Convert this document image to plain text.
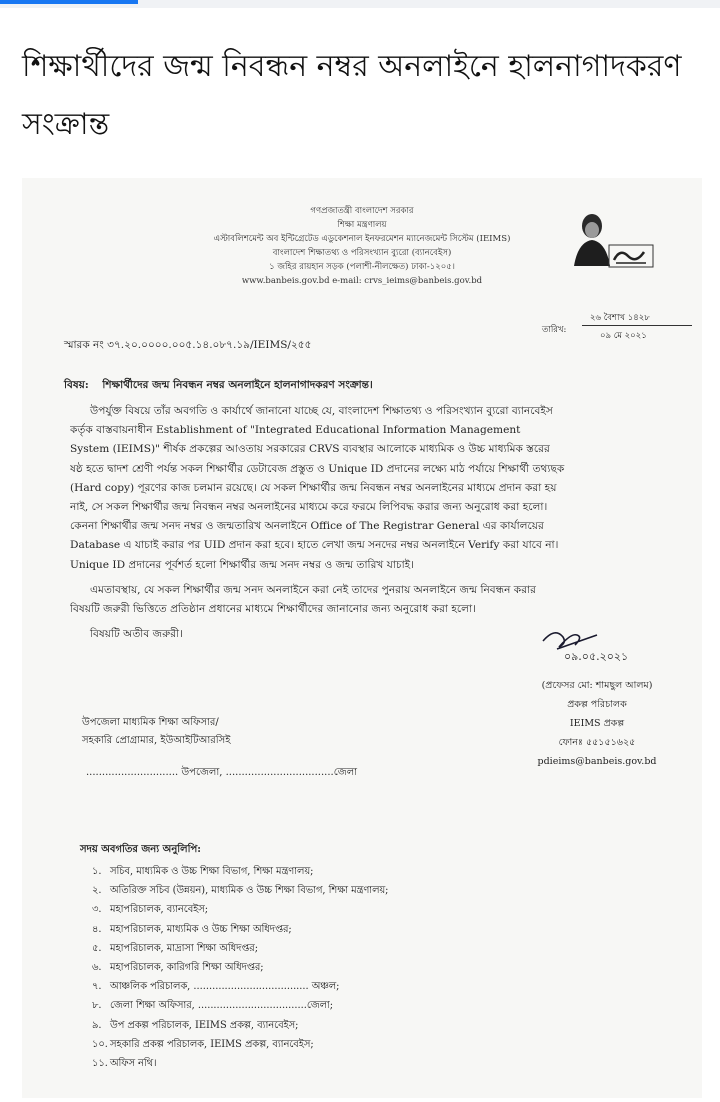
শিক্ষার্থীদের জন্ম নিবন্ধন নম্বর অনলাইনে হালনাগাদকরণ সংক্রান্ত
গণপ্রজাতন্ত্রী বাংলাদেশ সরকার
শিক্ষা মন্ত্রণালয়
এস্টাবলিশমেন্ট অব ইন্টিগ্রেটেড এডুকেশনাল ইনফরমেশন ম্যানেজমেন্ট সিস্টেম (IEIMS)
বাংলাদেশ শিক্ষাতথ্য ও পরিসংখ্যান ব্যুরো (ব্যানবেইস)
১ জহির রায়হান সড়ক (পলাশী-নীলক্ষেত) ঢাকা-১২০৫।
www.banbeis.gov.bd e-mail: crvs_ieims@banbeis.gov.bd
২৬ বৈশাখ ১৪২৮
তারিখ:
০৯ মে ২০২১
স্মারক নং ৩৭.২০.০০০০.০০৫.১৪.০৮৭.১৯/IEIMS/২৫৫
বিষয়: শিক্ষার্থীদের জন্ম নিবন্ধন নম্বর অনলাইনে হালনাগাদকরণ সংক্রান্ত।
উপর্যুক্ত বিষয়ে তাঁর অবগতি ও কার্যার্থে জানানো যাচ্ছে যে, বাংলাদেশ শিক্ষাতথ্য ও পরিসংখ্যান ব্যুরো ব্যানবেইস
কর্তৃক বাস্তবায়নাধীন Establishment of "Integrated Educational Information Management
System (IEIMS)" শীর্ষক প্রকল্পের আওতায় সরকারের CRVS ব্যবস্থার আলোকে মাধ্যমিক ও উচ্চ মাধ্যমিক স্তরের
ষষ্ঠ হতে দ্বাদশ শ্রেণী পর্যন্ত সকল শিক্ষার্থীর ডেটাবেজ প্রস্তুত ও Unique ID প্রদানের লক্ষ্যে মাঠ পর্যায়ে শিক্ষার্থী তথ্যছক
(Hard copy) পূরণের কাজ চলমান রয়েছে। যে সকল শিক্ষার্থীর জন্ম নিবন্ধন নম্বর অনলাইনের মাধ্যমে প্রদান করা হয়
নাই, সে সকল শিক্ষার্থীর জন্ম নিবন্ধন নম্বর অনলাইনের মাধ্যমে করে ফরমে লিপিবদ্ধ করার জন্য অনুরোধ করা হলো।
কেননা শিক্ষার্থীর জন্ম সনদ নম্বর ও জন্মতারিখ অনলাইনে Office of The Registrar General এর কার্যালয়ের
Database এ যাচাই করার পর UID প্রদান করা হবে। হাতে লেখা জন্ম সনদের নম্বর অনলাইনে Verify করা যাবে না।
Unique ID প্রদানের পূর্বশর্ত হলো শিক্ষার্থীর জন্ম সনদ নম্বর ও জন্ম তারিখ যাচাই।
এমতাবস্থায়, যে সকল শিক্ষার্থীর জন্ম সনদ অনলাইনে করা নেই তাদের পুনরায় অনলাইনে জন্ম নিবন্ধন করার
বিষয়টি জরুরী ভিত্তিতে প্রতিষ্ঠান প্রধানের মাধ্যমে শিক্ষার্থীদের জানানোর জন্য অনুরোধ করা হলো।
বিষয়টি অতীব জরুরী।
০৯.০৫.২০২১
(প্রফেসর মো: শামছুল আলম)
প্রকল্প পরিচালক
IEIMS প্রকল্প
ফোনঃ ৫৫১৫১৬২৫
pdieims@banbeis.gov.bd
উপজেলা মাধ্যমিক শিক্ষা অফিসার/
সহকারি প্রোগ্রামার, ইউআইটিআরসিই
............................. উপজেলা, ..................................জেলা
সদয় অবগতির জন্য অনুলিপি:
১. সচিব, মাধ্যমিক ও উচ্চ শিক্ষা বিভাগ, শিক্ষা মন্ত্রণালয়;
২. অতিরিক্ত সচিব (উন্নয়ন), মাধ্যমিক ও উচ্চ শিক্ষা বিভাগ, শিক্ষা মন্ত্রণালয়;
৩. মহাপরিচালক, ব্যানবেইস;
৪. মহাপরিচালক, মাধ্যমিক ও উচ্চ শিক্ষা অধিদপ্তর;
৫. মহাপরিচালক, মাদ্রাসা শিক্ষা অধিদপ্তর;
৬. মহাপরিচালক, কারিগরি শিক্ষা অধিদপ্তর;
৭. আঞ্চলিক পরিচালক, ..................................... অঞ্চল;
৮. জেলা শিক্ষা অফিসার, ...................................জেলা;
৯. উপ প্রকল্প পরিচালক, IEIMS প্রকল্প, ব্যানবেইস;
১০. সহকারি প্রকল্প পরিচালক, IEIMS প্রকল্প, ব্যানবেইস;
১১. অফিস নথি।
